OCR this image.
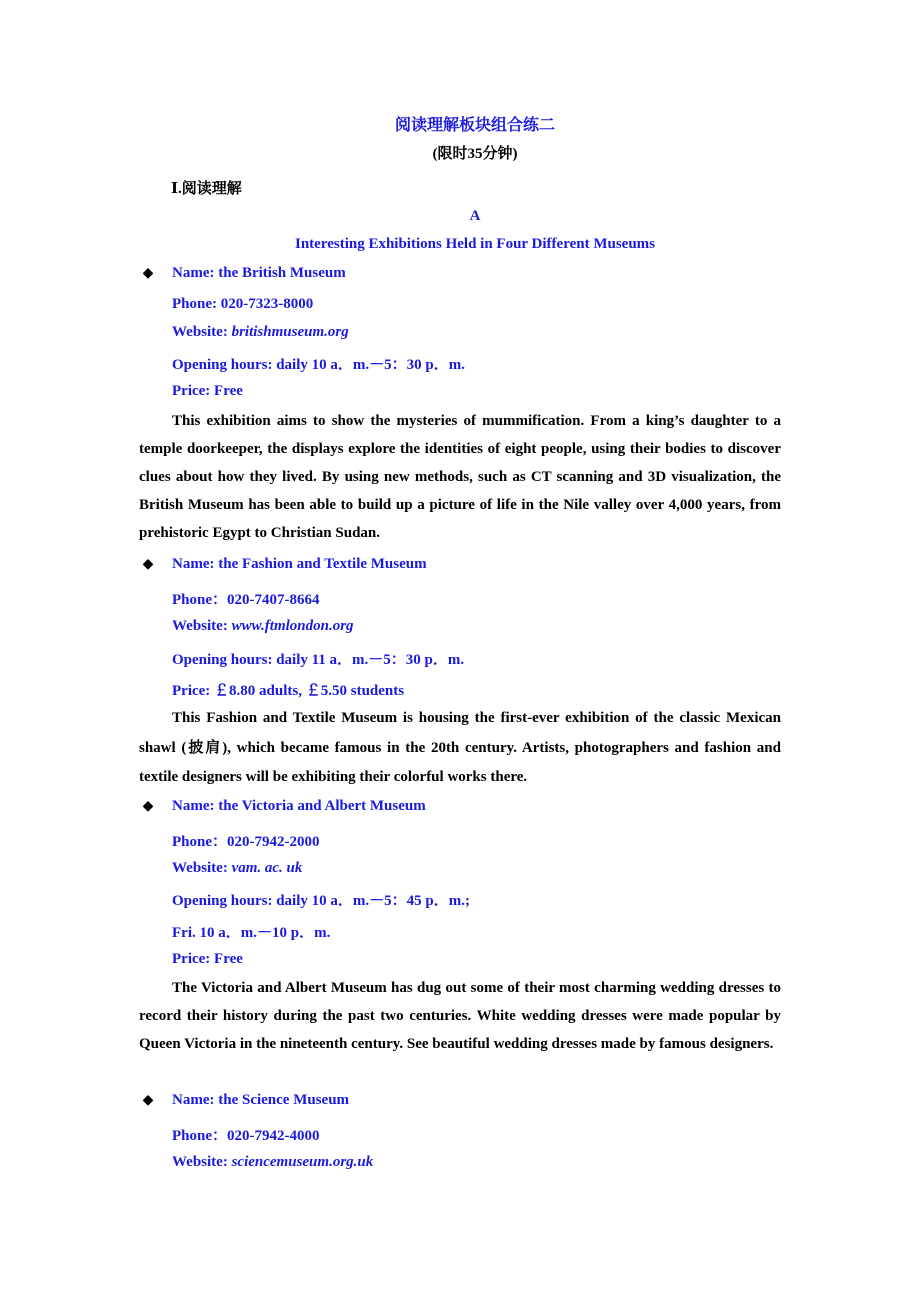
阅读理解板块组合练二
(限时35分钟)
Ⅰ.阅读理解
A
Interesting Exhibitions Held in Four Different Museums
◆ Name: the British Museum
Phone: 020-7323-8000
Website: britishmuseum.org
Opening hours: daily 10 a．m.－5：30 p．m.
Price: Free
This exhibition aims to show the mysteries of mummification. From a king’s daughter to a temple doorkeeper, the displays explore the identities of eight people, using their bodies to discover clues about how they lived. By using new methods, such as CT scanning and 3D visualization, the British Museum has been able to build up a picture of life in the Nile valley over 4,000 years, from prehistoric Egypt to Christian Sudan.
◆ Name: the Fashion and Textile Museum
Phone：020-7407-8664
Website: www.ftmlondon.org
Opening hours: daily 11 a．m.－5：30 p．m.
Price: ￡8.80 adults, ￡5.50 students
This Fashion and Textile Museum is housing the first-ever exhibition of the classic Mexican shawl (披肩), which became famous in the 20th century. Artists, photographers and fashion and textile designers will be exhibiting their colorful works there.
◆ Name: the Victoria and Albert Museum
Phone：020-7942-2000
Website: vam. ac. uk
Opening hours: daily 10 a．m.－5：45 p．m.;
Fri. 10 a．m.－10 p．m.
Price: Free
The Victoria and Albert Museum has dug out some of their most charming wedding dresses to record their history during the past two centuries. White wedding dresses were made popular by Queen Victoria in the nineteenth century. See beautiful wedding dresses made by famous designers.
◆ Name: the Science Museum
Phone：020-7942-4000
Website: sciencemuseum.org.uk
